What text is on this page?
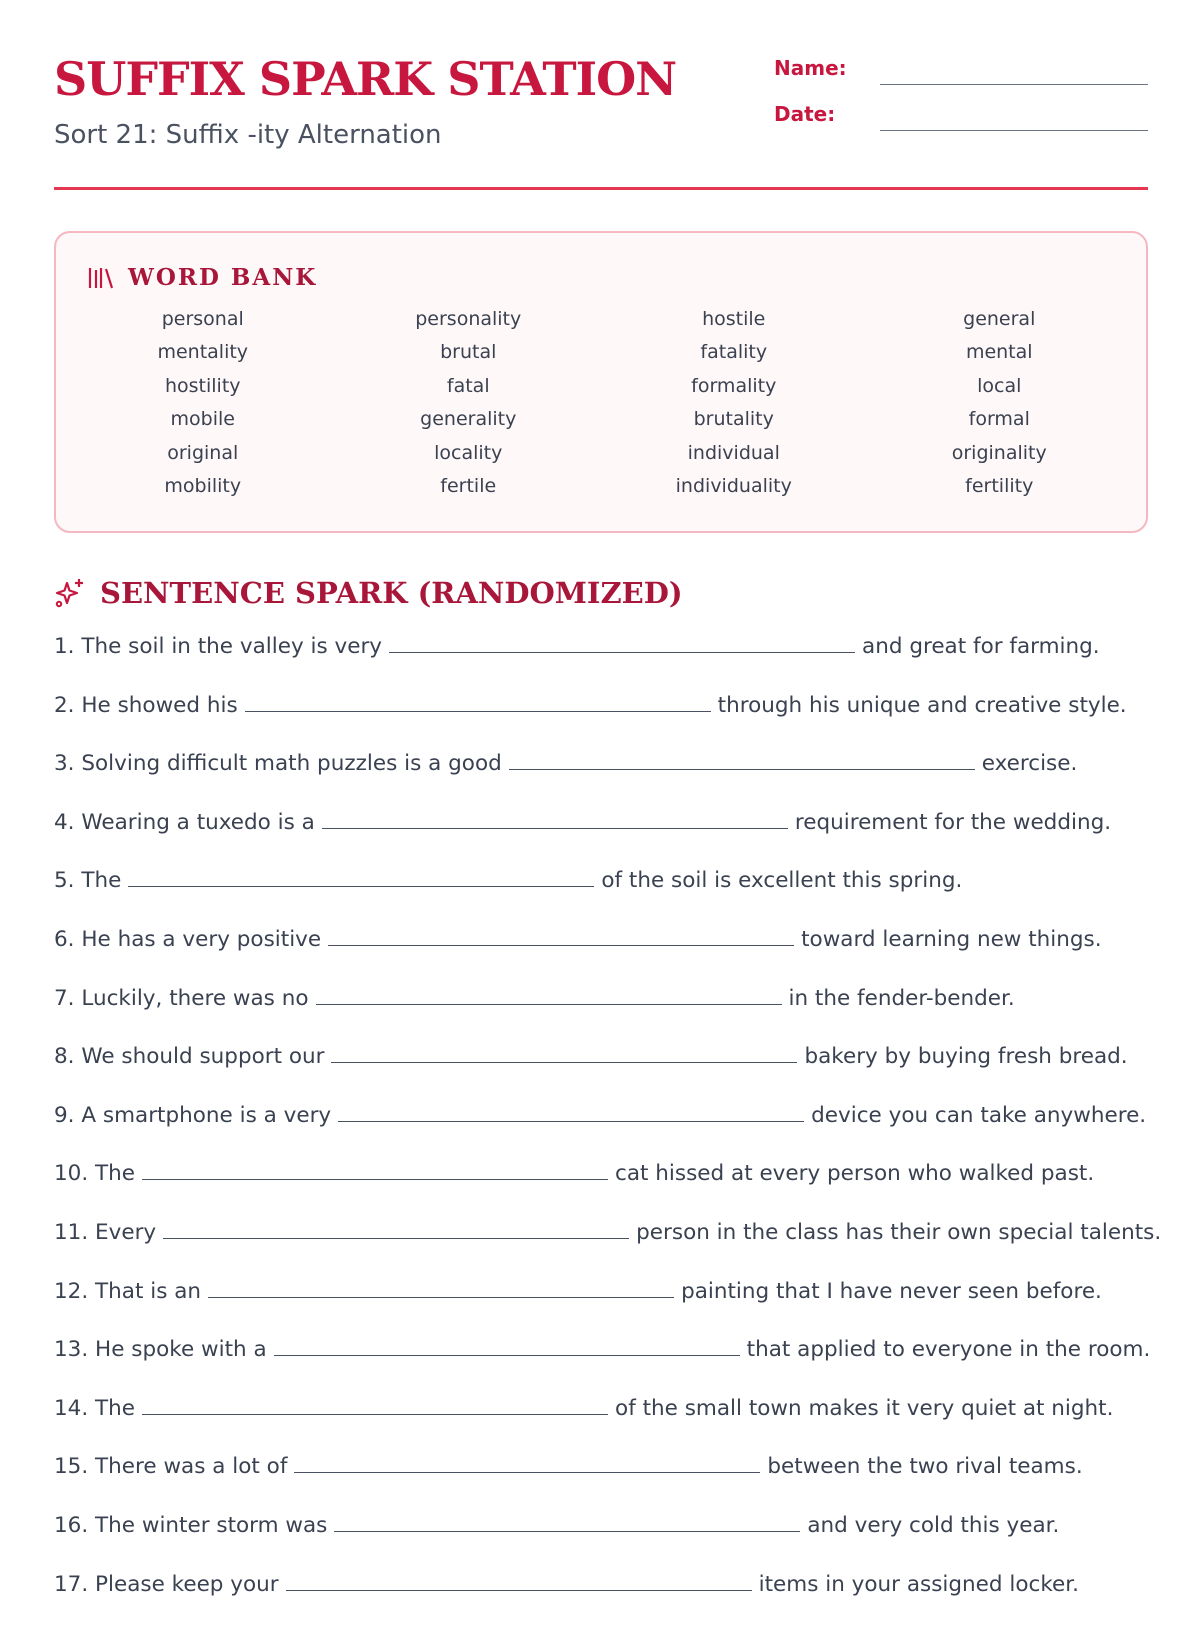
SUFFIX SPARK STATION
Sort 21: Suffix -ity Alternation
Name:
Date:
WORD BANK
personal	personality	hostile	general
mentality	brutal	fatality	mental
hostility	fatal	formality	local
mobile	generality	brutality	formal
original	locality	individual	originality
mobility	fertile	individuality	fertility
SENTENCE SPARK (RANDOMIZED)
1. The soil in the valley is very	and great for farming.
2. He showed his	through his unique and creative style.
3. Solving difficult math puzzles is a good	exercise.
4. Wearing a tuxedo is a	requirement for the wedding.
5. The	of the soil is excellent this spring.
6. He has a very positive	toward learning new things.
7. Luckily, there was no	in the fender-bender.
8. We should support our	bakery by buying fresh bread.
9. A smartphone is a very	device you can take anywhere.
10. The	cat hissed at every person who walked past.
11. Every	person in the class has their own special talents.
12. That is an	painting that I have never seen before.
13. He spoke with a	that applied to everyone in the room.
14. The	of the small town makes it very quiet at night.
15. There was a lot of	between the two rival teams.
16. The winter storm was	and very cold this year.
17. Please keep your	items in your assigned locker.
